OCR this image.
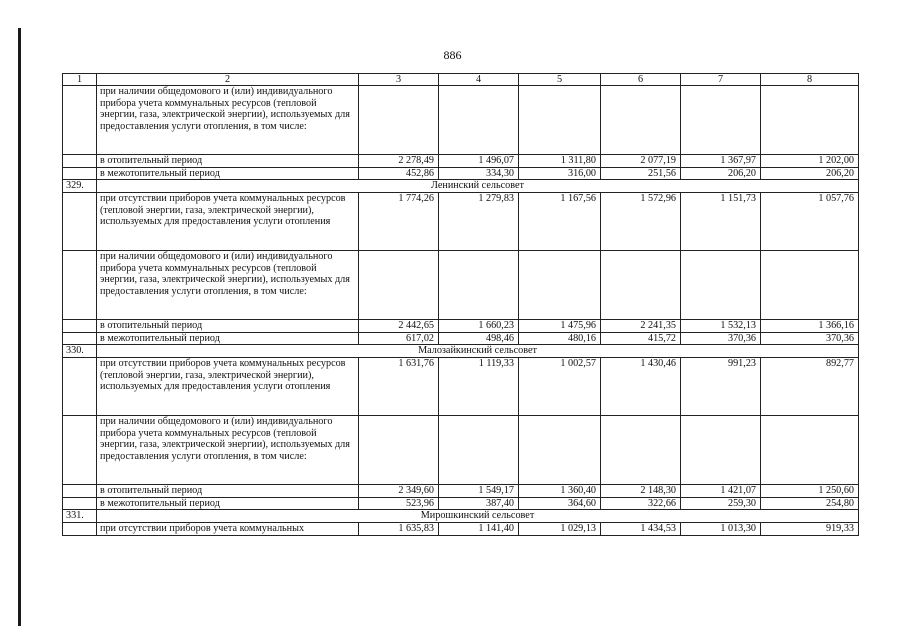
886
1	2	3	4	5	6	7	8
	при наличии общедомового и (или) индивидуального прибора учета коммунальных ресурсов (тепловой энергии, газа, электрической энергии), используемых для предоставления услуги отопления, в том числе:						
	в отопительный период	2 278,49	1 496,07	1 311,80	2 077,19	1 367,97	1 202,00
	в межотопительный период	452,86	334,30	316,00	251,56	206,20	206,20
329.	Ленинский сельсовет						
	при отсутствии приборов учета коммунальных ресурсов (тепловой энергии, газа, электрической энергии), используемых для предоставления услуги отопления	1 774,26	1 279,83	1 167,56	1 572,96	1 151,73	1 057,76
	при наличии общедомового и (или) индивидуального прибора учета коммунальных ресурсов (тепловой энергии, газа, электрической энергии), используемых для предоставления услуги отопления, в том числе:						
	в отопительный период	2 442,65	1 660,23	1 475,96	2 241,35	1 532,13	1 366,16
	в межотопительный период	617,02	498,46	480,16	415,72	370,36	370,36
330.	Малозайкинский сельсовет						
	при отсутствии приборов учета коммунальных ресурсов (тепловой энергии, газа, электрической энергии), используемых для предоставления услуги отопления	1 631,76	1 119,33	1 002,57	1 430,46	991,23	892,77
	при наличии общедомового и (или) индивидуального прибора учета коммунальных ресурсов (тепловой энергии, газа, электрической энергии), используемых для предоставления услуги отопления, в том числе:						
	в отопительный период	2 349,60	1 549,17	1 360,40	2 148,30	1 421,07	1 250,60
	в межотопительный период	523,96	387,40	364,60	322,66	259,30	254,80
331.	Мирошкинский сельсовет						
	при отсутствии приборов учета коммунальных	1 635,83	1 141,40	1 029,13	1 434,53	1 013,30	919,33
